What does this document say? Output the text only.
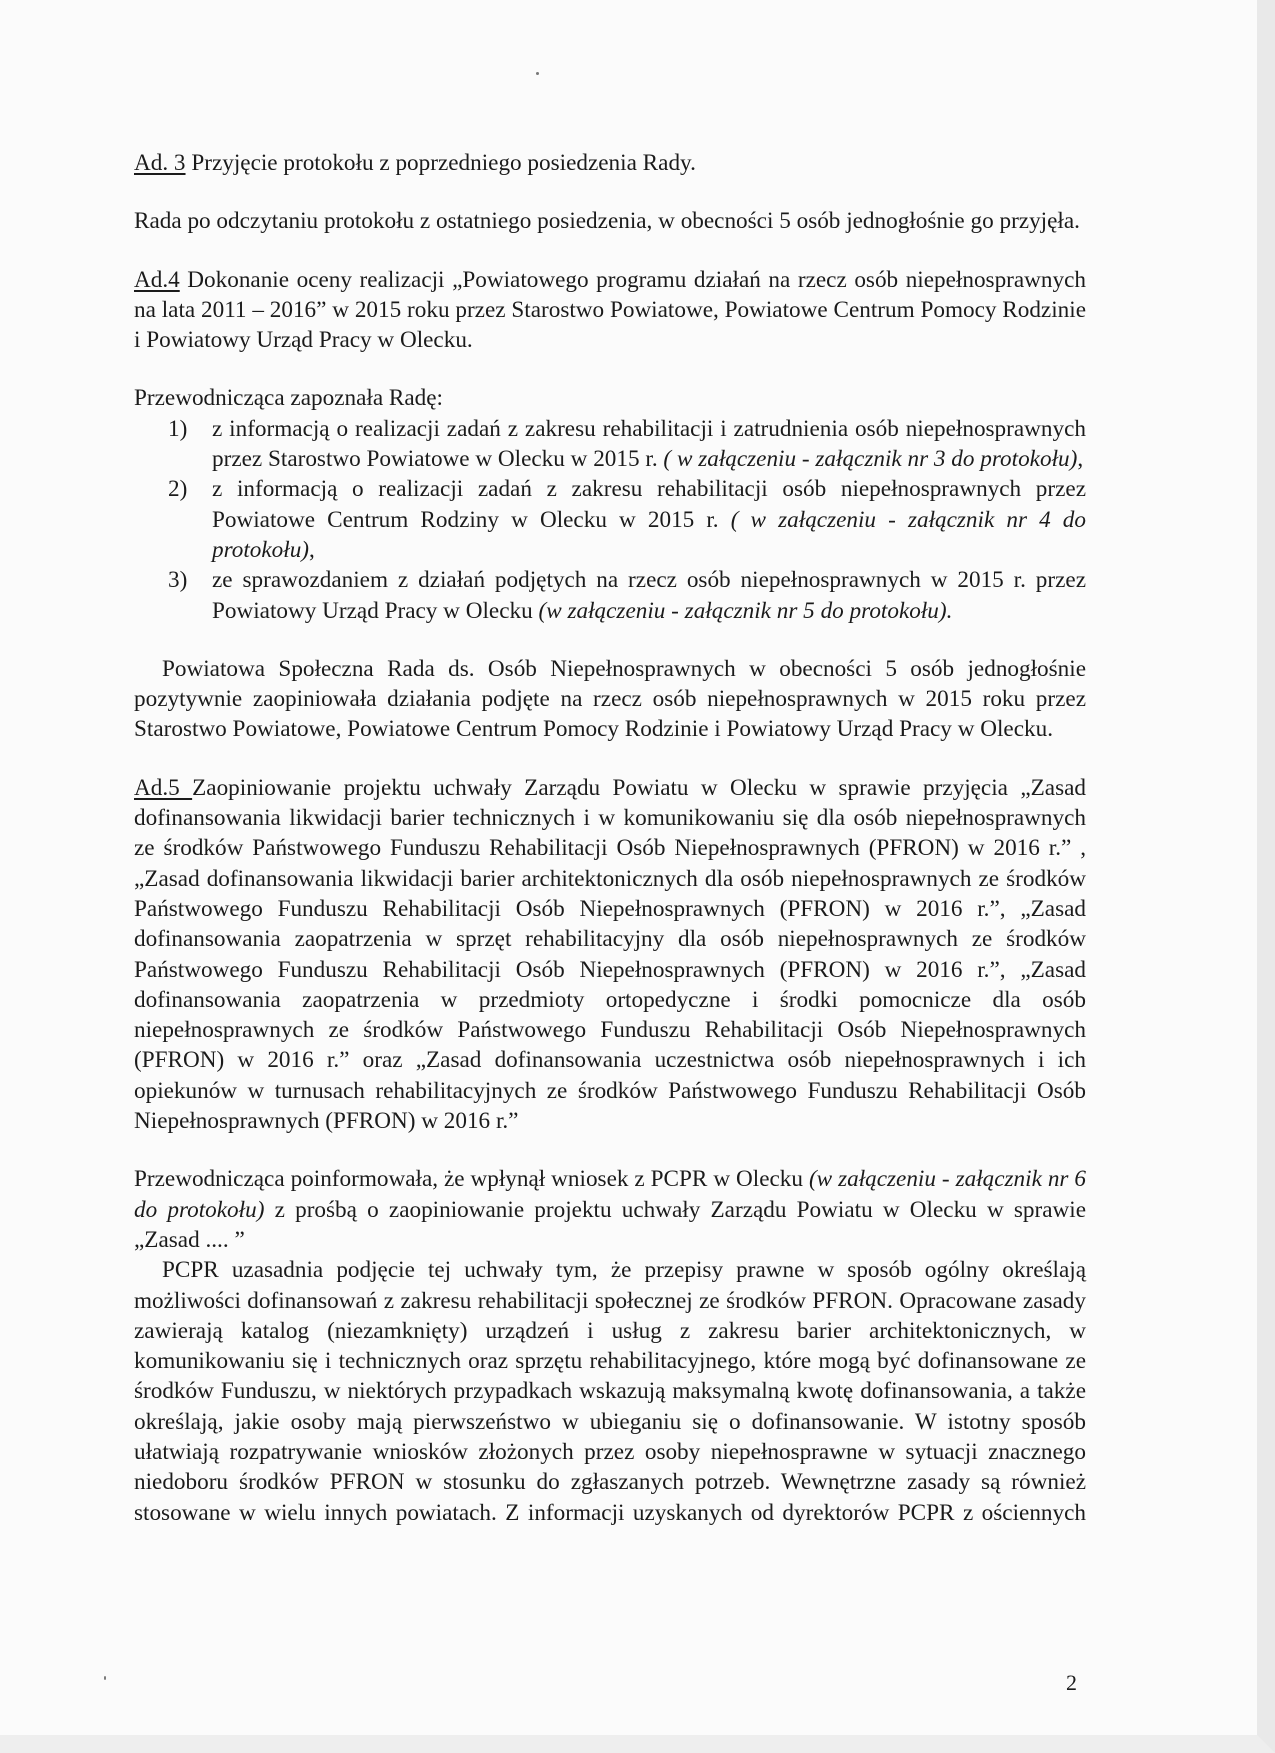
Ad. 3 Przyjęcie protokołu z poprzedniego posiedzenia Rady.

Rada po odczytaniu protokołu z ostatniego posiedzenia, w obecności 5 osób jednogłośnie go przyjęła.

Ad.4 Dokonanie oceny realizacji „Powiatowego programu działań na rzecz osób niepełnosprawnych na lata 2011 – 2016” w 2015 roku przez Starostwo Powiatowe, Powiatowe Centrum Pomocy Rodzinie i Powiatowy Urząd Pracy w Olecku.

Przewodnicząca zapoznała Radę:

1) z informacją o realizacji zadań z zakresu rehabilitacji i zatrudnienia osób niepełnosprawnych przez Starostwo Powiatowe w Olecku w 2015 r. ( w załączeniu - załącznik nr 3 do protokołu),
2) z informacją o realizacji zadań z zakresu rehabilitacji osób niepełnosprawnych przez Powiatowe Centrum Rodziny w Olecku w 2015 r. ( w załączeniu - załącznik nr 4 do protokołu),
3) ze sprawozdaniem z działań podjętych na rzecz osób niepełnosprawnych w 2015 r. przez Powiatowy Urząd Pracy w Olecku (w załączeniu - załącznik nr 5 do protokołu).

Powiatowa Społeczna Rada ds. Osób Niepełnosprawnych w obecności 5 osób jednogłośnie pozytywnie zaopiniowała działania podjęte na rzecz osób niepełnosprawnych w 2015 roku przez Starostwo Powiatowe, Powiatowe Centrum Pomocy Rodzinie i Powiatowy Urząd Pracy w Olecku.

Ad.5 Zaopiniowanie projektu uchwały Zarządu Powiatu w Olecku w sprawie przyjęcia „Zasad dofinansowania likwidacji barier technicznych i w komunikowaniu się dla osób niepełnosprawnych ze środków Państwowego Funduszu Rehabilitacji Osób Niepełnosprawnych (PFRON) w 2016 r.” , „Zasad dofinansowania likwidacji barier architektonicznych dla osób niepełnosprawnych ze środków Państwowego Funduszu Rehabilitacji Osób Niepełnosprawnych (PFRON) w 2016 r.”, „Zasad dofinansowania zaopatrzenia w sprzęt rehabilitacyjny dla osób niepełnosprawnych ze środków Państwowego Funduszu Rehabilitacji Osób Niepełnosprawnych (PFRON) w 2016 r.”, „Zasad dofinansowania zaopatrzenia w przedmioty ortopedyczne i środki pomocnicze dla osób niepełnosprawnych ze środków Państwowego Funduszu Rehabilitacji Osób Niepełnosprawnych (PFRON) w 2016 r.” oraz „Zasad dofinansowania uczestnictwa osób niepełnosprawnych i ich opiekunów w turnusach rehabilitacyjnych ze środków Państwowego Funduszu Rehabilitacji Osób Niepełnosprawnych (PFRON) w 2016 r.”

Przewodnicząca poinformowała, że wpłynął wniosek z PCPR w Olecku (w załączeniu - załącznik nr 6 do protokołu) z prośbą o zaopiniowanie projektu uchwały Zarządu Powiatu w Olecku w sprawie „Zasad .... ”

PCPR uzasadnia podjęcie tej uchwały tym, że przepisy prawne w sposób ogólny określają możliwości dofinansowań z zakresu rehabilitacji społecznej ze środków PFRON. Opracowane zasady zawierają katalog (niezamknięty) urządzeń i usług z zakresu barier architektonicznych, w komunikowaniu się i technicznych oraz sprzętu rehabilitacyjnego, które mogą być dofinansowane ze środków Funduszu, w niektórych przypadkach wskazują maksymalną kwotę dofinansowania, a także określają, jakie osoby mają pierwszeństwo w ubieganiu się o dofinansowanie. W istotny sposób ułatwiają rozpatrywanie wniosków złożonych przez osoby niepełnosprawne w sytuacji znacznego niedoboru środków PFRON w stosunku do zgłaszanych potrzeb. Wewnętrzne zasady są również stosowane w wielu innych powiatach. Z informacji uzyskanych od dyrektorów PCPR z ościennych

2
